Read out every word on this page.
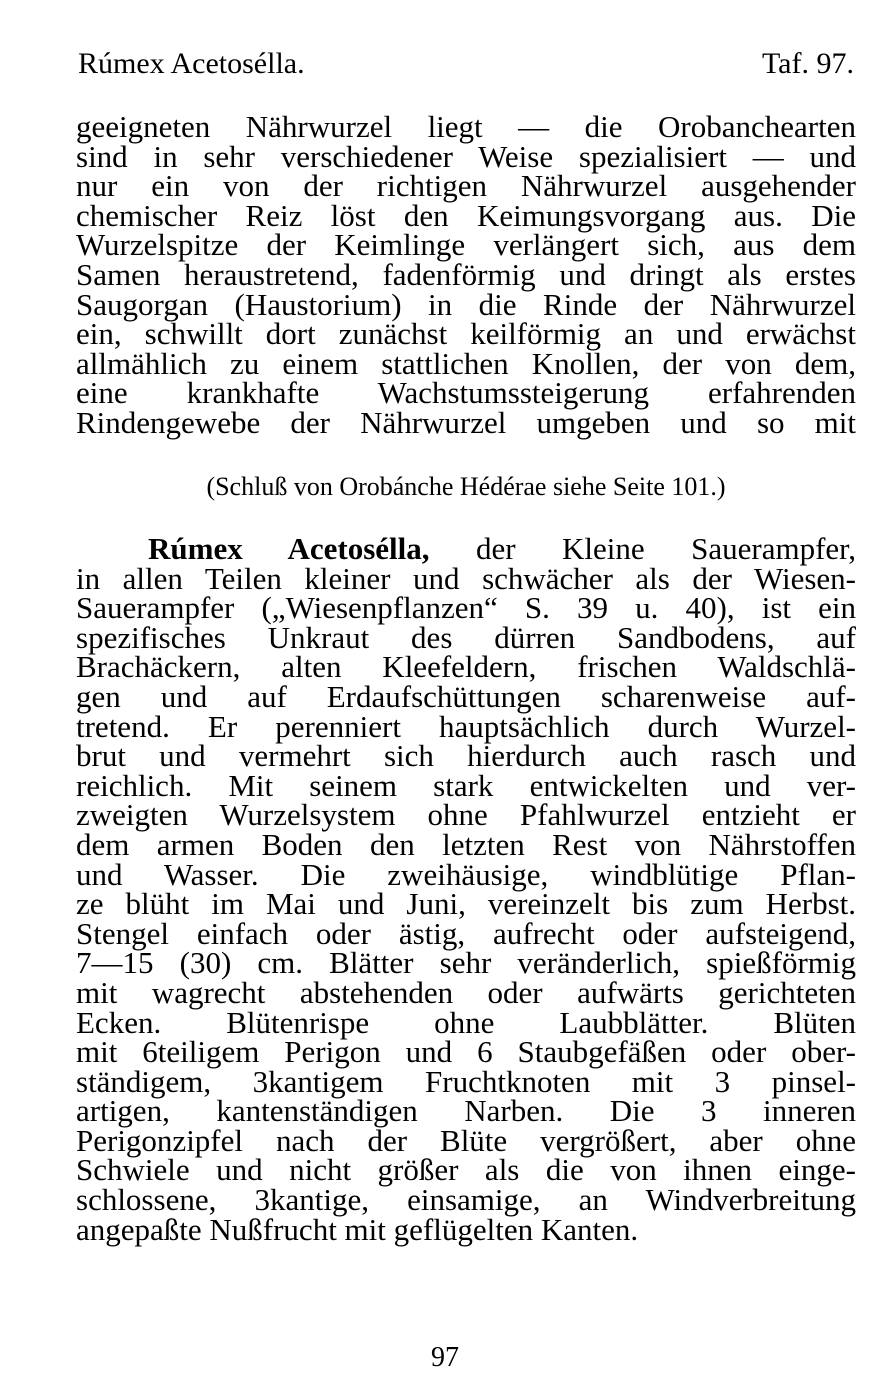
Rúmex Acetosélla.	Taf. 97.
geeigneten Nährwurzel liegt — die Orobanchearten
sind in sehr verschiedener Weise spezialisiert — und
nur ein von der richtigen Nährwurzel ausgehender
chemischer Reiz löst den Keimungsvorgang aus. Die
Wurzelspitze der Keimlinge verlängert sich, aus dem
Samen heraustretend, fadenförmig und dringt als erstes
Saugorgan (Haustorium) in die Rinde der Nährwurzel
ein, schwillt dort zunächst keilförmig an und erwächst
allmählich zu einem stattlichen Knollen, der von dem,
eine krankhafte Wachstumssteigerung erfahrenden
Rindengewebe der Nährwurzel umgeben und so mit
(Schluß von Orobánche Hédérae siehe Seite 101.)
Rúmex Acetosélla, der Kleine Sauerampfer,
in allen Teilen kleiner und schwächer als der Wiesen-
Sauerampfer („Wiesenpflanzen“ S. 39 u. 40), ist ein
spezifisches Unkraut des dürren Sandbodens, auf
Brachäckern, alten Kleefeldern, frischen Waldschlä-
gen und auf Erdaufschüttungen scharenweise auf-
tretend. Er perenniert hauptsächlich durch Wurzel-
brut und vermehrt sich hierdurch auch rasch und
reichlich. Mit seinem stark entwickelten und ver-
zweigten Wurzelsystem ohne Pfahlwurzel entzieht er
dem armen Boden den letzten Rest von Nährstoffen
und Wasser. Die zweihäusige, windblütige Pflan-
ze blüht im Mai und Juni, vereinzelt bis zum Herbst.
Stengel einfach oder ästig, aufrecht oder aufsteigend,
7—15 (30) cm. Blätter sehr veränderlich, spießförmig
mit wagrecht abstehenden oder aufwärts gerichteten
Ecken. Blütenrispe ohne Laubblätter. Blüten
mit 6teiligem Perigon und 6 Staubgefäßen oder ober-
ständigem, 3kantigem Fruchtknoten mit 3 pinsel-
artigen, kantenständigen Narben. Die 3 inneren
Perigonzipfel nach der Blüte vergrößert, aber ohne
Schwiele und nicht größer als die von ihnen einge-
schlossene, 3kantige, einsamige, an Windverbreitung
angepaßte Nußfrucht mit geflügelten Kanten.
97
